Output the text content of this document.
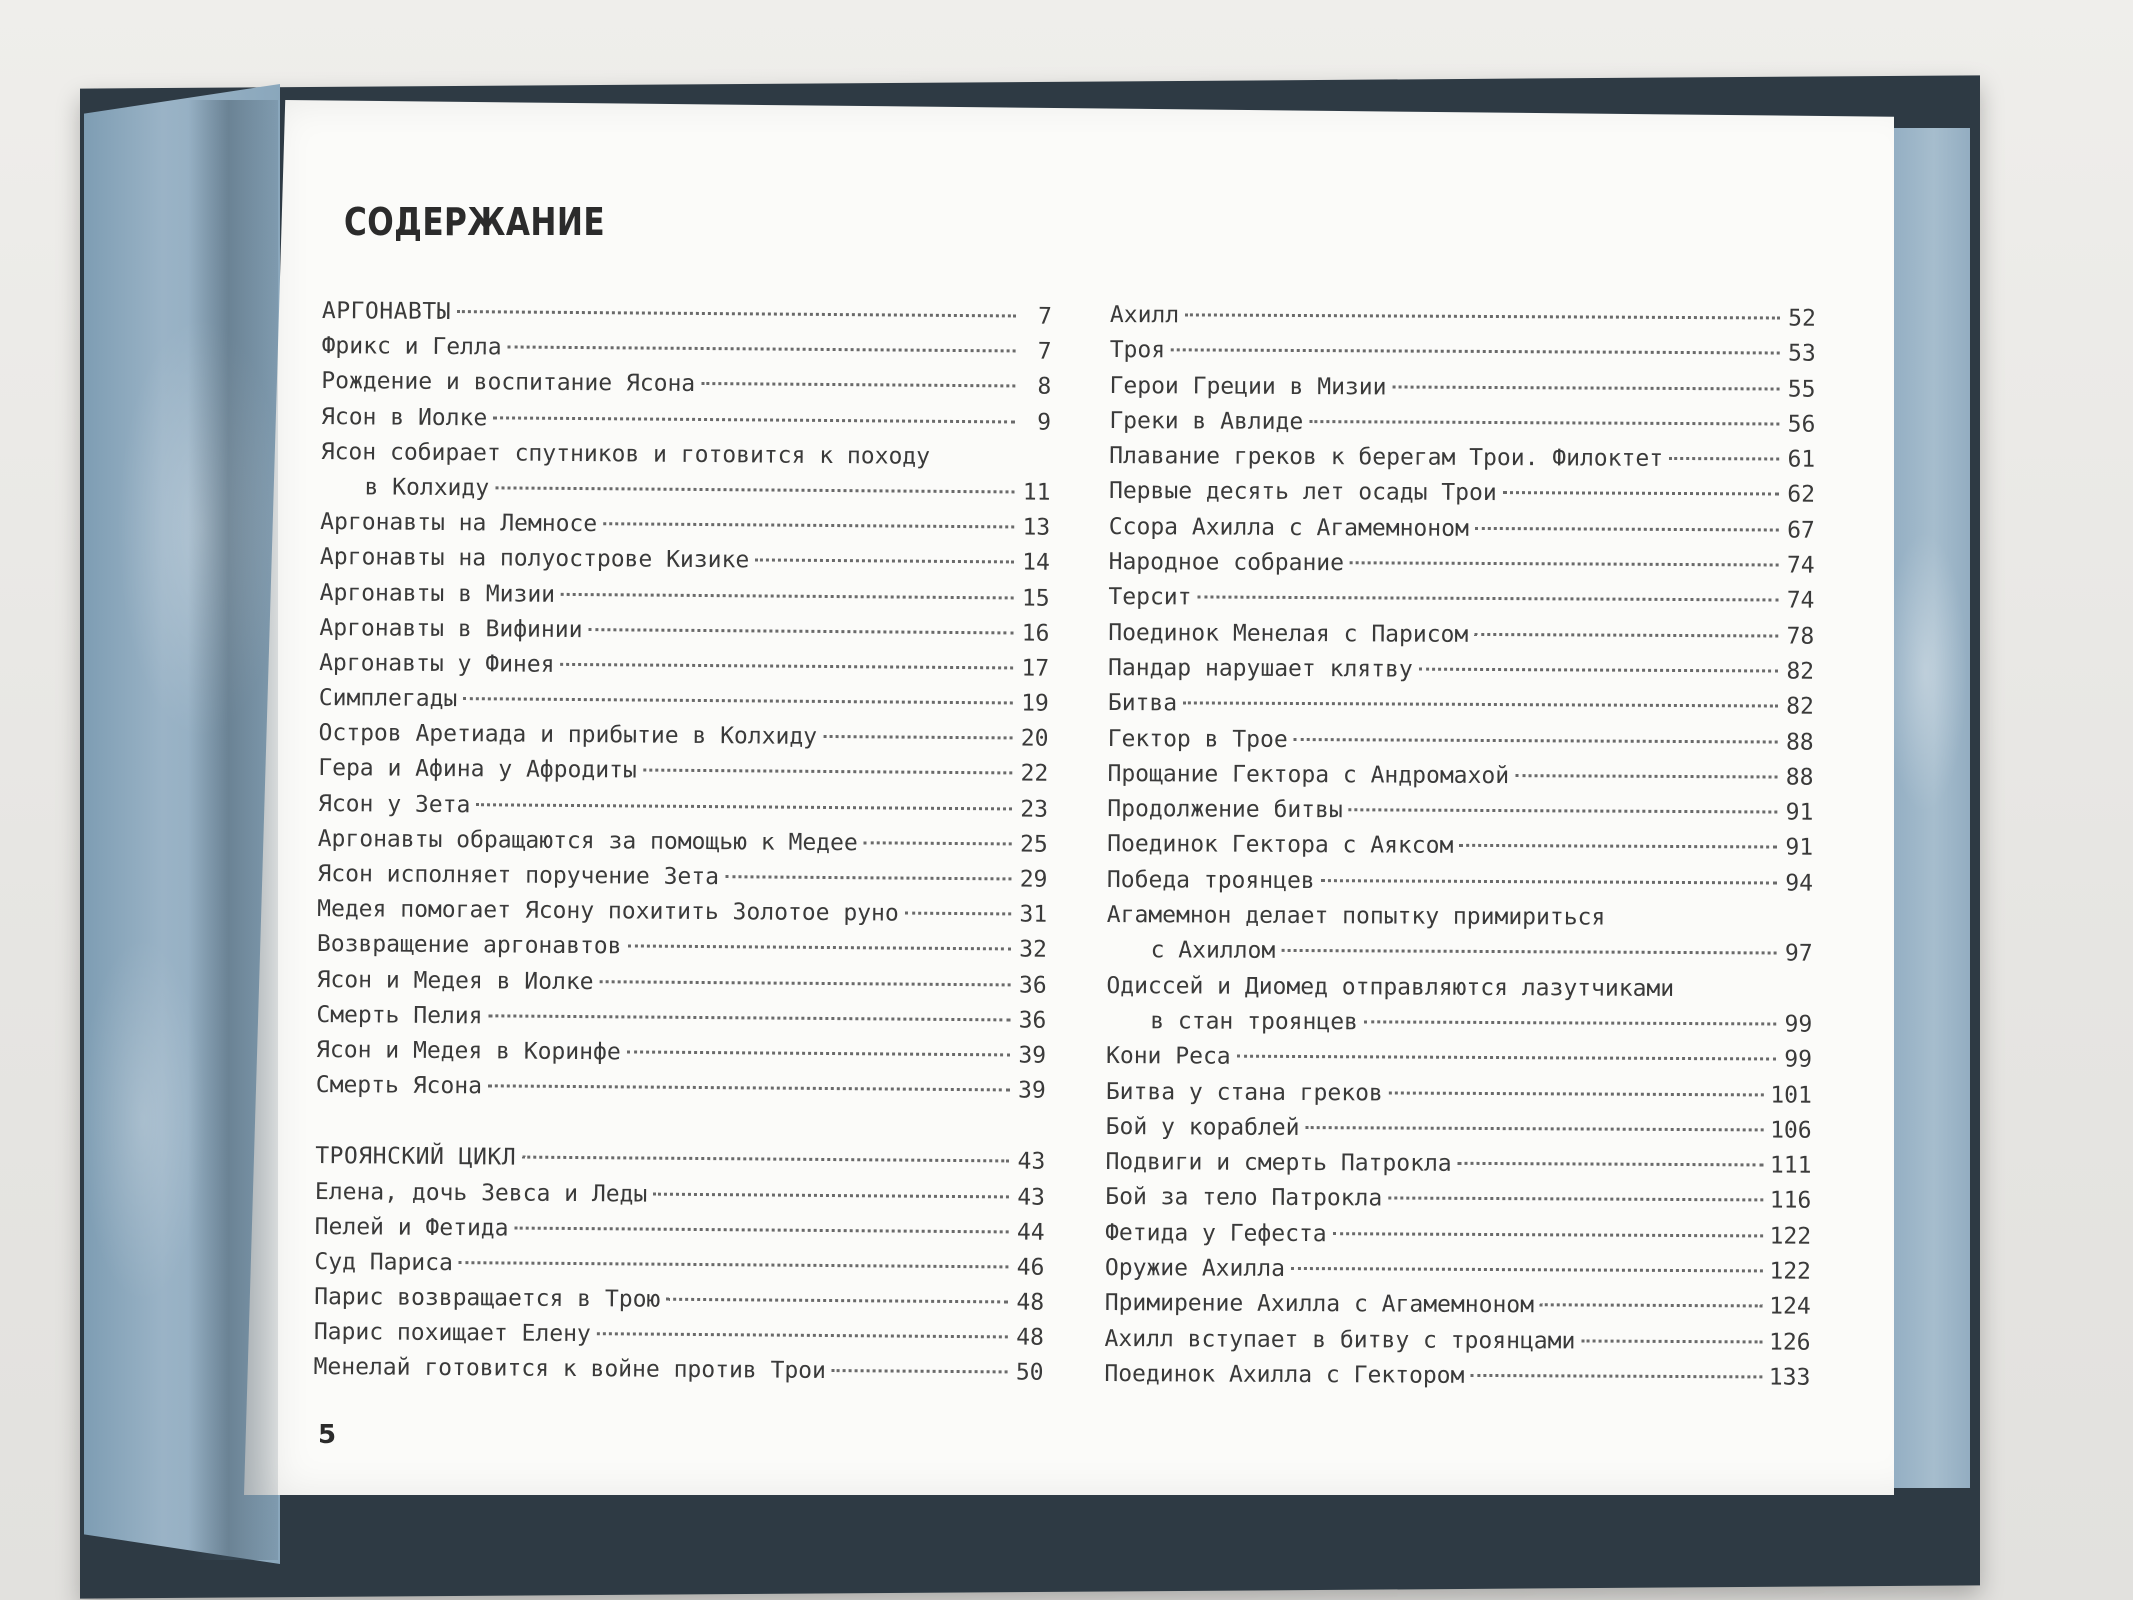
СОДЕРЖАНИЕ
АРГОНАВТЫ	7
Фрикс и Гелла	7
Рождение и воспитание Ясона	8
Ясон в Иолке	9
Ясон собирает спутников и готовится к походу
в Колхиду	11
Аргонавты на Лемносе	13
Аргонавты на полуострове Кизике	14
Аргонавты в Мизии	15
Аргонавты в Вифинии	16
Аргонавты у Финея	17
Симплегады	19
Остров Аретиада и прибытие в Колхиду	20
Гера и Афина у Афродиты	22
Ясон у Зета	23
Аргонавты обращаются за помощью к Медее	25
Ясон исполняет поручение Зета	29
Медея помогает Ясону похитить Золотое руно	31
Возвращение аргонавтов	32
Ясон и Медея в Иолке	36
Смерть Пелия	36
Ясон и Медея в Коринфе	39
Смерть Ясона	39
ТРОЯНСКИЙ ЦИКЛ	43
Елена, дочь Зевса и Леды	43
Пелей и Фетида	44
Суд Париса	46
Парис возвращается в Трою	48
Парис похищает Елену	48
Менелай готовится к войне против Трои	50
Ахилл	52
Троя	53
Герои Греции в Мизии	55
Греки в Авлиде	56
Плавание греков к берегам Трои. Филоктет	61
Первые десять лет осады Трои	62
Ссора Ахилла с Агамемноном	67
Народное собрание	74
Терсит	74
Поединок Менелая с Парисом	78
Пандар нарушает клятву	82
Битва	82
Гектор в Трое	88
Прощание Гектора с Андромахой	88
Продолжение битвы	91
Поединок Гектора с Аяксом	91
Победа троянцев	94
Агамемнон делает попытку примириться
с Ахиллом	97
Одиссей и Диомед отправляются лазутчиками
в стан троянцев	99
Кони Реса	99
Битва у стана греков	101
Бой у кораблей	106
Подвиги и смерть Патрокла	111
Бой за тело Патрокла	116
Фетида у Гефеста	122
Оружие Ахилла	122
Примирение Ахилла с Агамемноном	124
Ахилл вступает в битву с троянцами	126
Поединок Ахилла с Гектором	133
5
